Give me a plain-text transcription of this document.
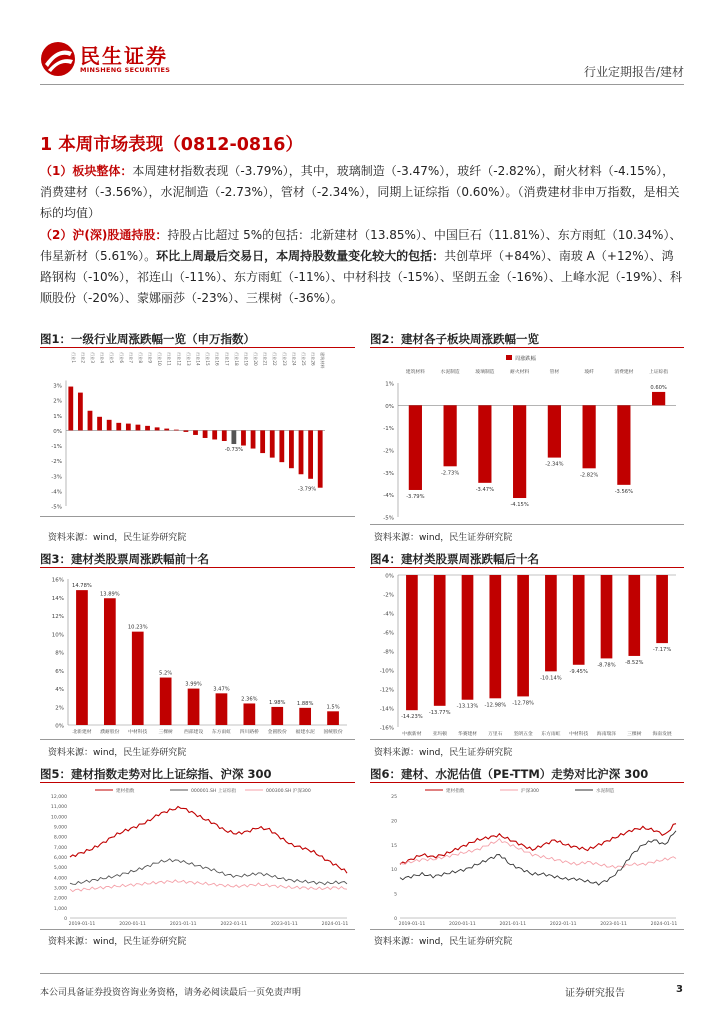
民生证券
MINSHENG SECURITIES	行业定期报告/建材
1 本周市场表现（0812-0816）
（1）板块整体：本周建材指数表现（-3.79%），其中，玻璃制造（-3.47%），玻纤（-2.82%），耐火材料（-4.15%），消费建材（-3.56%），水泥制造（-2.73%），管材（-2.34%），同期上证综指（0.60%）。（消费建材非申万指数，是相关标的均值）
（2）沪(深)股通持股：持股占比超过 5%的包括：北新建材（13.85%）、中国巨石（11.81%）、东方雨虹（10.34%）、伟星新材（5.61%）。环比上周最后交易日，本周持股数量变化较大的包括：共创草坪（+84%）、南玻 A（+12%）、鸿路钢构（-10%），祁连山（-11%）、东方雨虹（-11%）、中材科技（-15%）、坚朗五金（-16%）、上峰水泥（-19%）、科顺股份（-20%）、蒙娜丽莎（-23%）、三棵树（-36%）。
图1：一级行业周涨跌幅一览（申万指数）
3%
2%
1%
0%
-1%
-2%
-3%
-4%
-5%
行业1 行业2 行业3 行业4 行业5 行业6 行业7 行业8 行业9 行业10 行业11 行业12 行业13 行业14 行业15 行业16 行业17 行业18 行业19 行业20 行业21 行业22 行业23 行业24 行业25 行业26 建筑材料
-0.73%
-3.79%
资料来源：wind，民生证券研究院
图2：建材各子板块周涨跌幅一览
1%
0%
-1%
-2%
-3%
-4%
-5%
-3.79%
建筑材料
-2.73%
水泥制造
-3.47%
玻璃制造
-4.15%
耐火材料
-2.34%
管材
-2.82%
玻纤
-3.56%
消费建材
0.60%
上证综指
周涨跌幅
资料来源：wind，民生证券研究院
图3：建材类股票周涨跌幅前十名
16%
14%
12%
10%
8%
6%
4%
2%
0%
14.78%
北新建材
13.89%
濮耐股份
10.23%
中材科技
5.2%
三棵树
3.99%
西部建设
3.47%
东方雨虹
2.36%
四川路桥
1.98%
金圆股份
1.88%
福建水泥
1.5%
国统股份
资料来源：wind，民生证券研究院
图4：建材类股票周涨跌幅后十名
0%
-2%
-4%
-6%
-8%
-10%
-12%
-14%
-16%
-14.23%
中旗新材
-13.77%
亚玛顿
-13.13%
华赛建材
-12.98%
万里石
-12.78%
坚朗五金
-10.14%
东方雨虹
-9.45%
中材科技
-8.78%
海南瑞泽
-8.52%
三棵树
-7.17%
海南发展
资料来源：wind，民生证券研究院
图5：建材指数走势对比上证综指、沪深 300
12,000
11,000
10,000
9,000
8,000
7,000
6,000
5,000
4,000
3,000
2,000
1,000
0
2019-01-11	2020-01-11	2021-01-11	2022-01-11	2023-01-11	2024-01-11
建材指数	000001.SH 上证综指	000300.SH 沪深300
资料来源：wind，民生证券研究院
图6：建材、水泥估值（PE-TTM）走势对比沪深 300
25
20
15
10
5
0
2019-01-11	2020-01-11	2021-01-11	2022-01-11	2023-01-11	2024-01-11
建材指数	沪深300	水泥制造
资料来源：wind，民生证券研究院
本公司具备证券投资咨询业务资格，请务必阅读最后一页免责声明	证券研究报告	3
